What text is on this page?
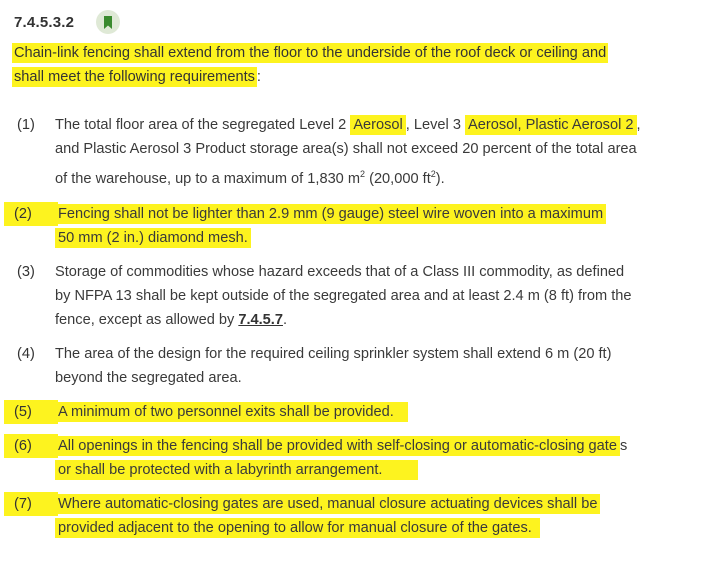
7.4.5.3.2
Chain-link fencing shall extend from the floor to the underside of the roof deck or ceiling and
shall meet the following requirements :
(1) The total floor area of the segregated Level 2 Aerosol , Level 3 Aerosol, Plastic Aerosol 2 ,
and Plastic Aerosol 3 Product storage area(s) shall not exceed 20 percent of the total area
of the warehouse, up to a maximum of 1,830 $m^2$ (20,000 $ft^2$).
(2)	Fencing shall not be lighter than 2.9 mm (9 gauge) steel wire woven into a maximum
50 mm (2 in.) diamond mesh.
(3) Storage of commodities whose hazard exceeds that of a Class III commodity, as defined
by NFPA 13 shall be kept outside of the segregated area and at least 2.4 m (8 ft) from the
fence, except as allowed by 7.4.5.7.
(4) The area of the design for the required ceiling sprinkler system shall extend 6 m (20 ft)
beyond the segregated area.
(5)	A minimum of two personnel exits shall be provided.
(6)	All openings in the fencing shall be provided with self-closing or automatic-closing gate s
or shall be protected with a labyrinth arrangement.
(7)	Where automatic-closing gates are used, manual closure actuating devices shall be
provided adjacent to the opening to allow for manual closure of the gates.
